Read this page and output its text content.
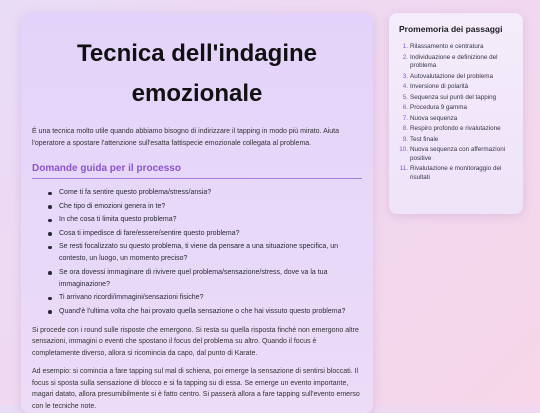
Tecnica dell'indagine emozionale

È una tecnica molto utile quando abbiamo bisogno di indirizzare il tapping in modo più mirato. Aiuta l'operatore a spostare l'attenzione sull'esatta fattispecie emozionale collegata al problema.

Domande guida per il processo
Come ti fa sentire questo problema/stress/ansia?
Che tipo di emozioni genera in te?
In che cosa ti limita questo problema?
Cosa ti impedisce di fare/essere/sentire questo problema?
Se resti focalizzato su questo problema, ti viene da pensare a una situazione specifica, un contesto, un luogo, un momento preciso?
Se ora dovessi immaginare di rivivere quel problema/sensazione/stress, dove va la tua immaginazione?
Ti arrivano ricordi/immagini/sensazioni fisiche?
Quand'è l'ultima volta che hai provato quella sensazione o che hai vissuto questo problema?

Si procede con i round sulle risposte che emergono. Si resta su quella risposta finché non emergono altre sensazioni, immagini o eventi che spostano il focus del problema su altro. Quando il focus è completamente diverso, allora si ricomincia da capo, dal punto di Karate.

Ad esempio: si comincia a fare tapping sul mal di schiena, poi emerge la sensazione di sentirsi bloccati. Il focus si sposta sulla sensazione di blocco e si fa tapping su di essa. Se emerge un evento importante, magari datato, allora presumibilmente si è fatto centro. Si passerà allora a fare tapping sull'evento emerso con le tecniche note.

Promemoria dei passaggi
1. Rilassamento e centratura
2. Individuazione e definizione del problema
3. Autovalutazione del problema
4. Inversione di polarità
5. Sequenza sui punti del tapping
6. Procedura 9 gamma
7. Nuova sequenza
8. Respiro profondo e rivalutazione
9. Test finale
10. Nuova sequenza con affermazioni positive
11. Rivalutazione e monitoraggio dei risultati
